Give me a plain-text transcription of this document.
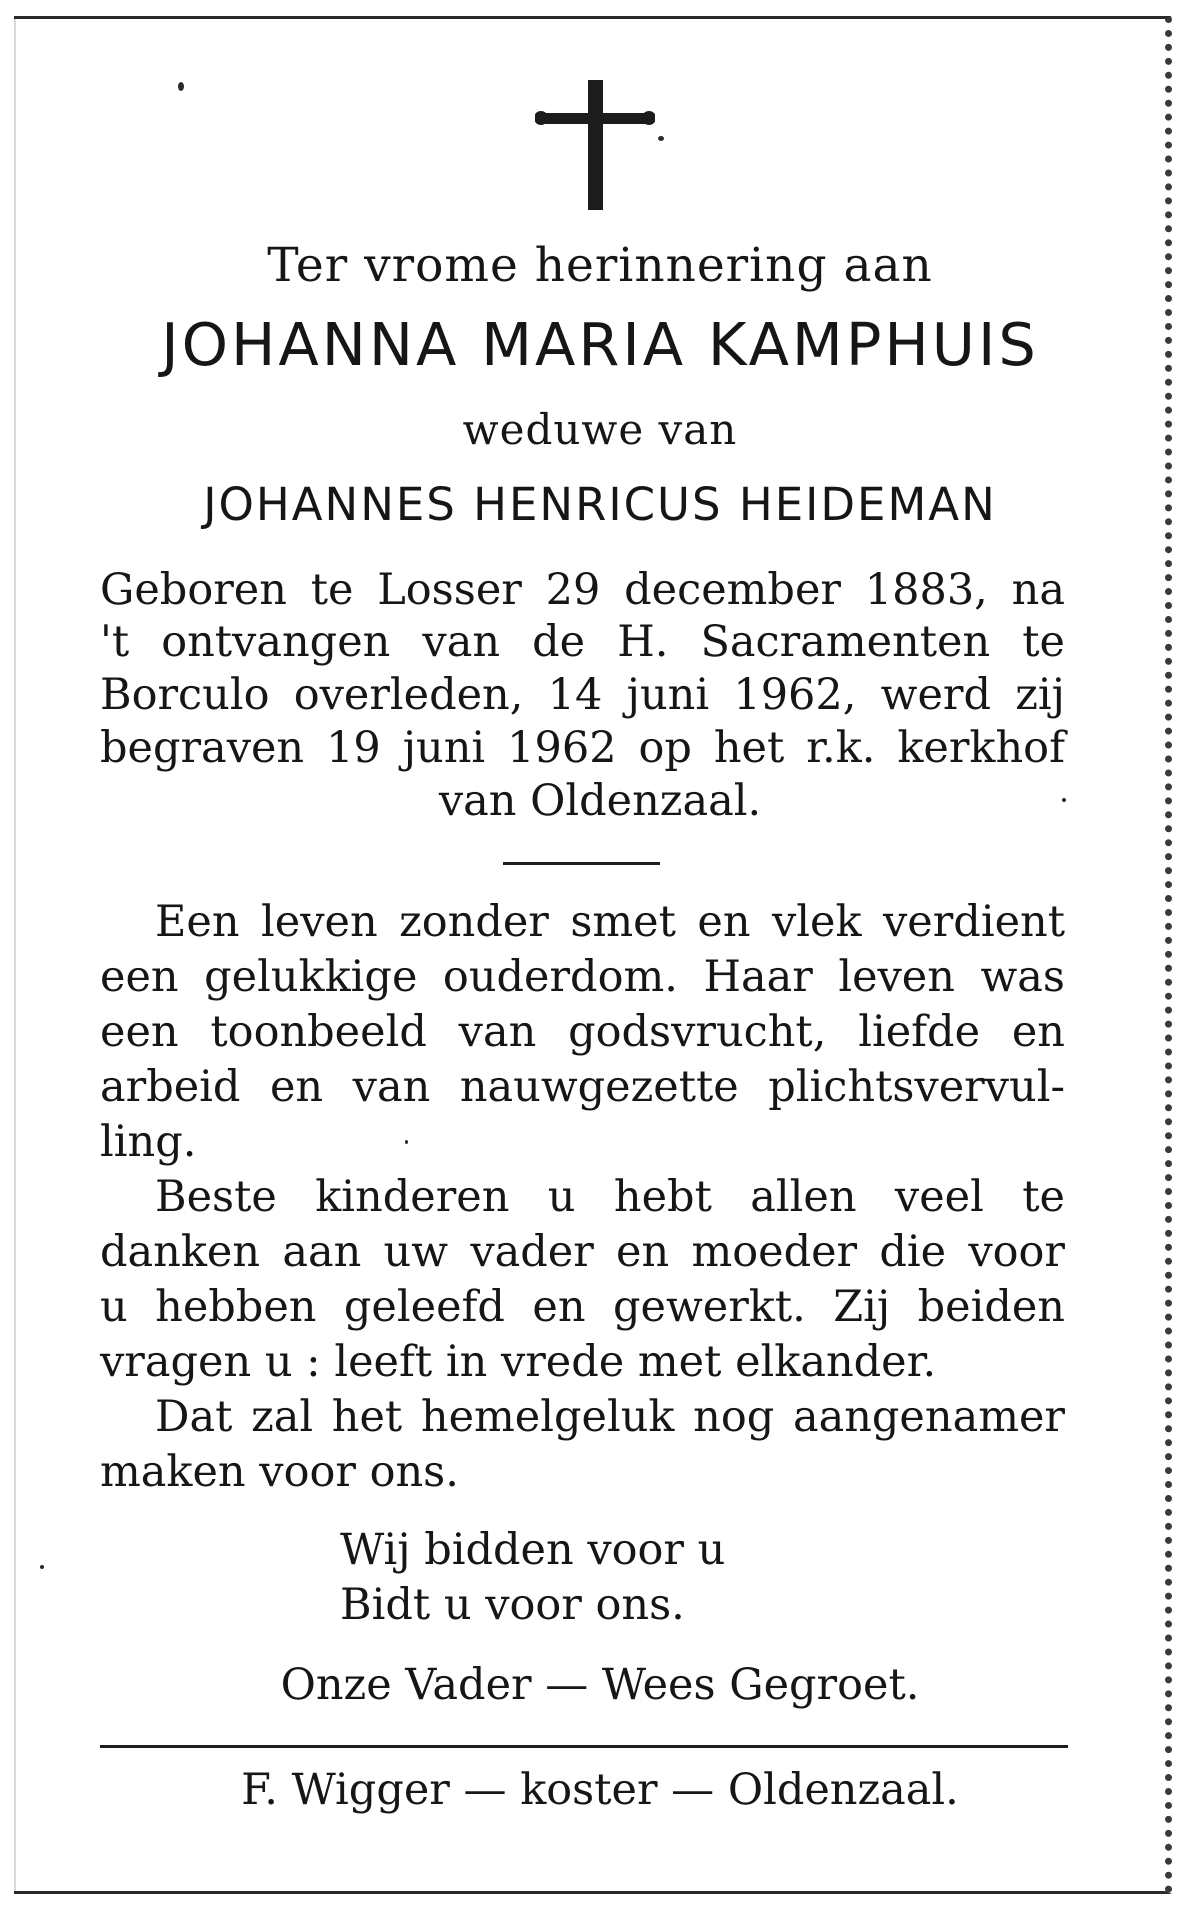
Ter vrome herinnering aan

JOHANNA MARIA KAMPHUIS

weduwe van

JOHANNES HENRICUS HEIDEMAN

Geboren te Losser 29 december 1883, na

't ontvangen van de H. Sacramenten te

Borculo overleden, 14 juni 1962, werd zij

begraven 19 juni 1962 op het r.k. kerkhof

van Oldenzaal.

Een leven zonder smet en vlek verdient

een gelukkige ouderdom. Haar leven was

een toonbeeld van godsvrucht, liefde en

arbeid en van nauwgezette plichtsvervul-

ling.

Beste kinderen u hebt allen veel te

danken aan uw vader en moeder die voor

u hebben geleefd en gewerkt. Zij beiden

vragen u : leeft in vrede met elkander.

Dat zal het hemelgeluk nog aangenamer

maken voor ons.

Wij bidden voor u

Bidt u voor ons.

Onze Vader — Wees Gegroet.

F. Wigger — koster — Oldenzaal.
